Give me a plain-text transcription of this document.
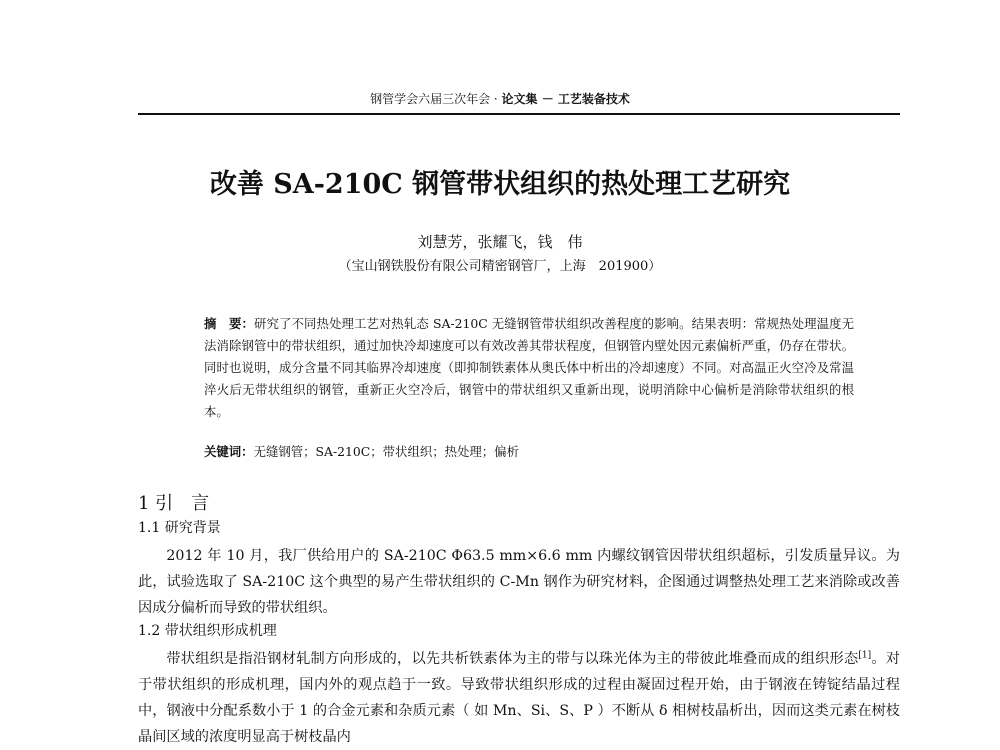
钢管学会六届三次年会 · 论文集 － 工艺装备技术
改善 SA-210C 钢管带状组织的热处理工艺研究
刘慧芳，张耀飞，钱　伟
（宝山钢铁股份有限公司精密钢管厂，上海　201900）
摘　要：研究了不同热处理工艺对热轧态 SA-210C 无缝钢管带状组织改善程度的影响。结果表明：常规热处理温度无法消除钢管中的带状组织，通过加快冷却速度可以有效改善其带状程度，但钢管内壁处因元素偏析严重，仍存在带状。同时也说明，成分含量不同其临界冷却速度（即抑制铁素体从奥氏体中析出的冷却速度）不同。对高温正火空冷及常温淬火后无带状组织的钢管，重新正火空冷后，钢管中的带状组织又重新出现，说明消除中心偏析是消除带状组织的根本。
关键词：无缝钢管；SA-210C；带状组织；热处理；偏析
1 引　言
1.1 研究背景
2012 年 10 月，我厂供给用户的 SA-210C Φ63.5 mm×6.6 mm 内螺纹钢管因带状组织超标，引发质量异议。为此，试验选取了 SA-210C 这个典型的易产生带状组织的 C-Mn 钢作为研究材料，企图通过调整热处理工艺来消除或改善因成分偏析而导致的带状组织。
1.2 带状组织形成机理
带状组织是指沿钢材轧制方向形成的，以先共析铁素体为主的带与以珠光体为主的带彼此堆叠而成的组织形态[1]。对于带状组织的形成机理，国内外的观点趋于一致。导致带状组织形成的过程由凝固过程开始，由于钢液在铸锭结晶过程中，钢液中分配系数小于 1 的合金元素和杂质元素（ 如 Mn、Si、S、P ）不断从 δ 相树枝晶析出，因而这类元素在树枝晶间区域的浓度明显高于树枝晶内
